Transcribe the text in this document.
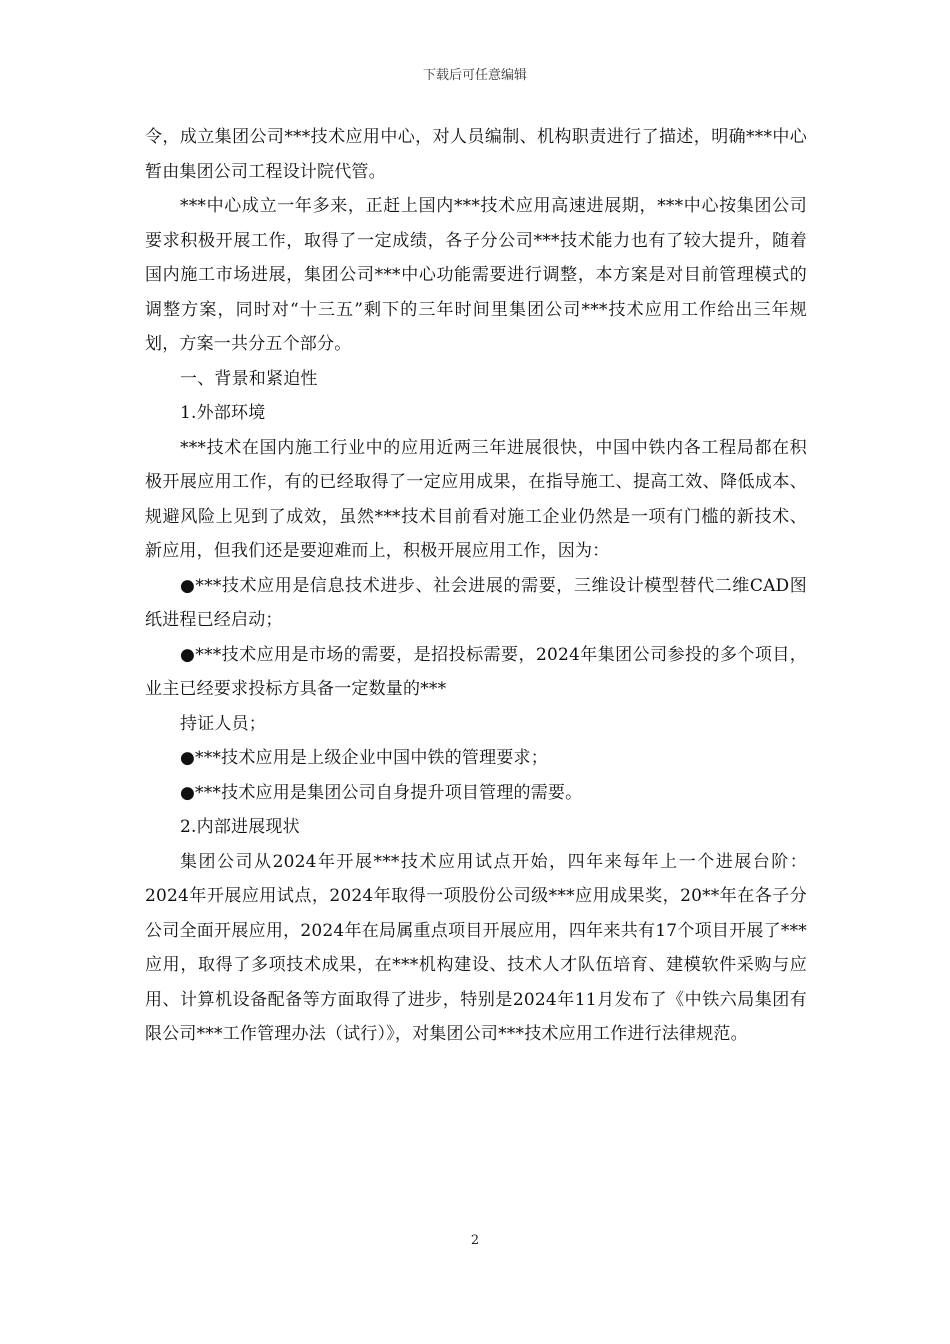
下载后可任意编辑

令，成立集团公司***技术应用中心，对人员编制、机构职责进行了描述，明确***中心暂由集团公司工程设计院代管。

***中心成立一年多来，正赶上国内***技术应用高速进展期，***中心按集团公司要求积极开展工作，取得了一定成绩，各子分公司***技术能力也有了较大提升，随着国内施工市场进展，集团公司***中心功能需要进行调整，本方案是对目前管理模式的调整方案，同时对“十三五”剩下的三年时间里集团公司***技术应用工作给出三年规划，方案一共分五个部分。

一、背景和紧迫性

1.外部环境

***技术在国内施工行业中的应用近两三年进展很快，中国中铁内各工程局都在积极开展应用工作，有的已经取得了一定应用成果，在指导施工、提高工效、降低成本、规避风险上见到了成效，虽然***技术目前看对施工企业仍然是一项有门槛的新技术、新应用，但我们还是要迎难而上，积极开展应用工作，因为：

●***技术应用是信息技术进步、社会进展的需要，三维设计模型替代二维CAD图纸进程已经启动；

●***技术应用是市场的需要，是招投标需要，2024年集团公司参投的多个项目，业主已经要求投标方具备一定数量的***

持证人员；

●***技术应用是上级企业中国中铁的管理要求；

●***技术应用是集团公司自身提升项目管理的需要。

2.内部进展现状

集团公司从2024年开展***技术应用试点开始，四年来每年上一个进展台阶：2024年开展应用试点，2024年取得一项股份公司级***应用成果奖，20**年在各子分公司全面开展应用，2024年在局属重点项目开展应用，四年来共有17个项目开展了***应用，取得了多项技术成果，在***机构建设、技术人才队伍培育、建模软件采购与应用、计算机设备配备等方面取得了进步，特别是2024年11月发布了《中铁六局集团有限公司***工作管理办法（试行）》，对集团公司***技术应用工作进行法律规范。

2
